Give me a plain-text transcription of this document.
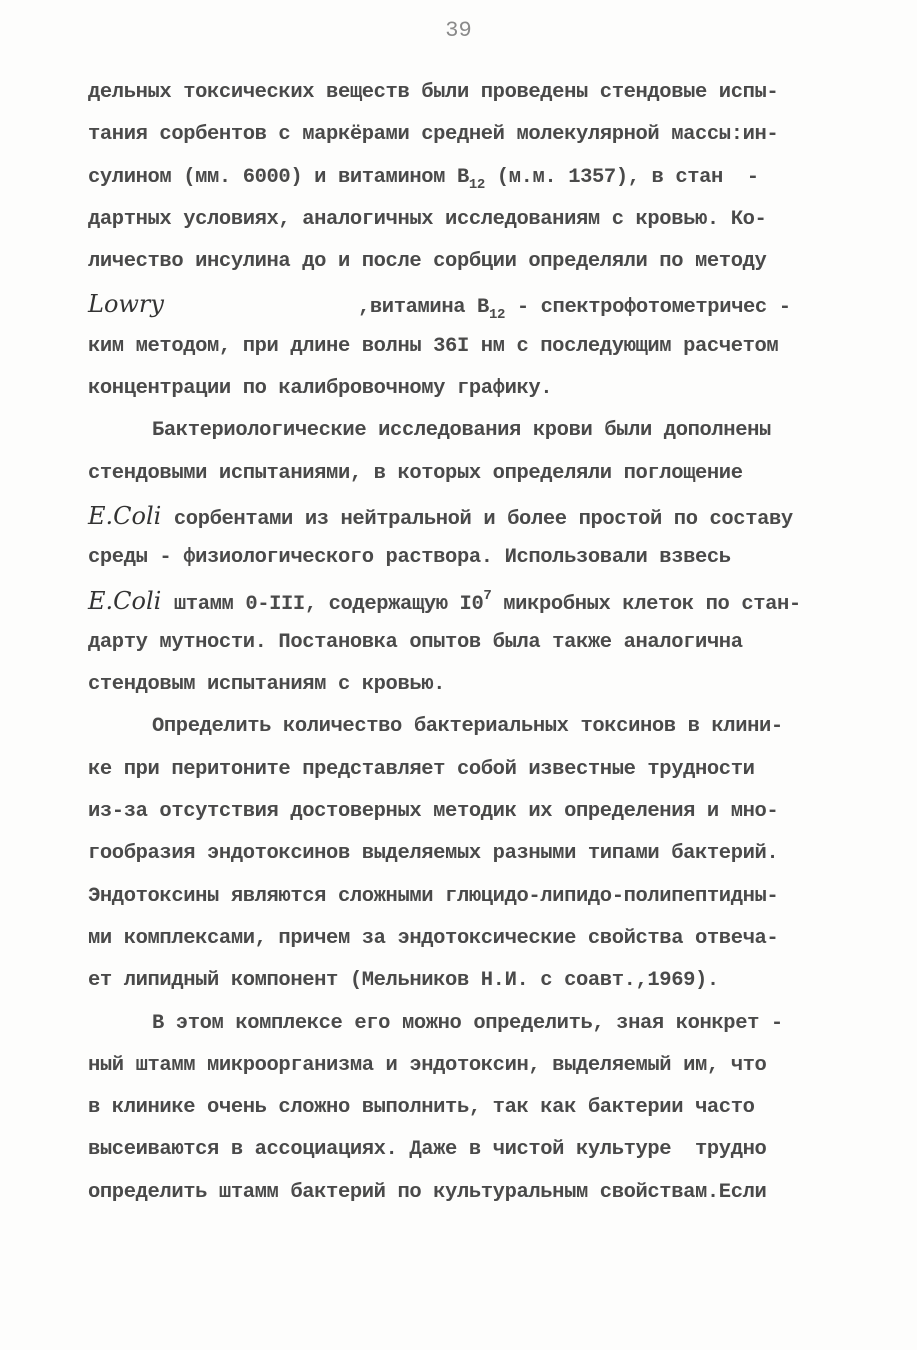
39
дельных токсических веществ были проведены стендовые испы-
тания сорбентов с маркёрами средней молекулярной массы:ин-
сулином (мм. 6000) и витамином $B_{12}$ (м.м. 1357), в стан  -
дартных условиях, аналогичных исследованиям с кровью. Ко-
личество инсулина до и после сорбции определяли по методу
Lowry	,витамина $B_{12}$ - спектрофотометричес -
ким методом, при длине волны 36I нм с последующим расчетом
концентрации по калибровочному графику.
Бактериологические исследования крови были дополнены
стендовыми испытаниями, в которых определяли поглощение
E.Coli сорбентами из нейтральной и более простой по составу
среды - физиологического раствора. Использовали взвесь
E.Coli штамм 0-III, содержащую $I0^7$ микробных клеток по стан-
дарту мутности. Постановка опытов была также аналогична
стендовым испытаниям с кровью.
Определить количество бактериальных токсинов в клини-
ке при перитоните представляет собой известные трудности
из-за отсутствия достоверных методик их определения и мно-
гообразия эндотоксинов выделяемых разными типами бактерий.
Эндотоксины являются сложными глюцидо-липидо-полипептидны-
ми комплексами, причем за эндотоксические свойства отвеча-
ет липидный компонент (Мельников Н.И. с соавт.,1969).
В этом комплексе его можно определить, зная конкрет -
ный штамм микроорганизма и эндотоксин, выделяемый им, что
в клинике очень сложно выполнить, так как бактерии часто
высеиваются в ассоциациях. Даже в чистой культуре  трудно
определить штамм бактерий по культуральным свойствам.Если
